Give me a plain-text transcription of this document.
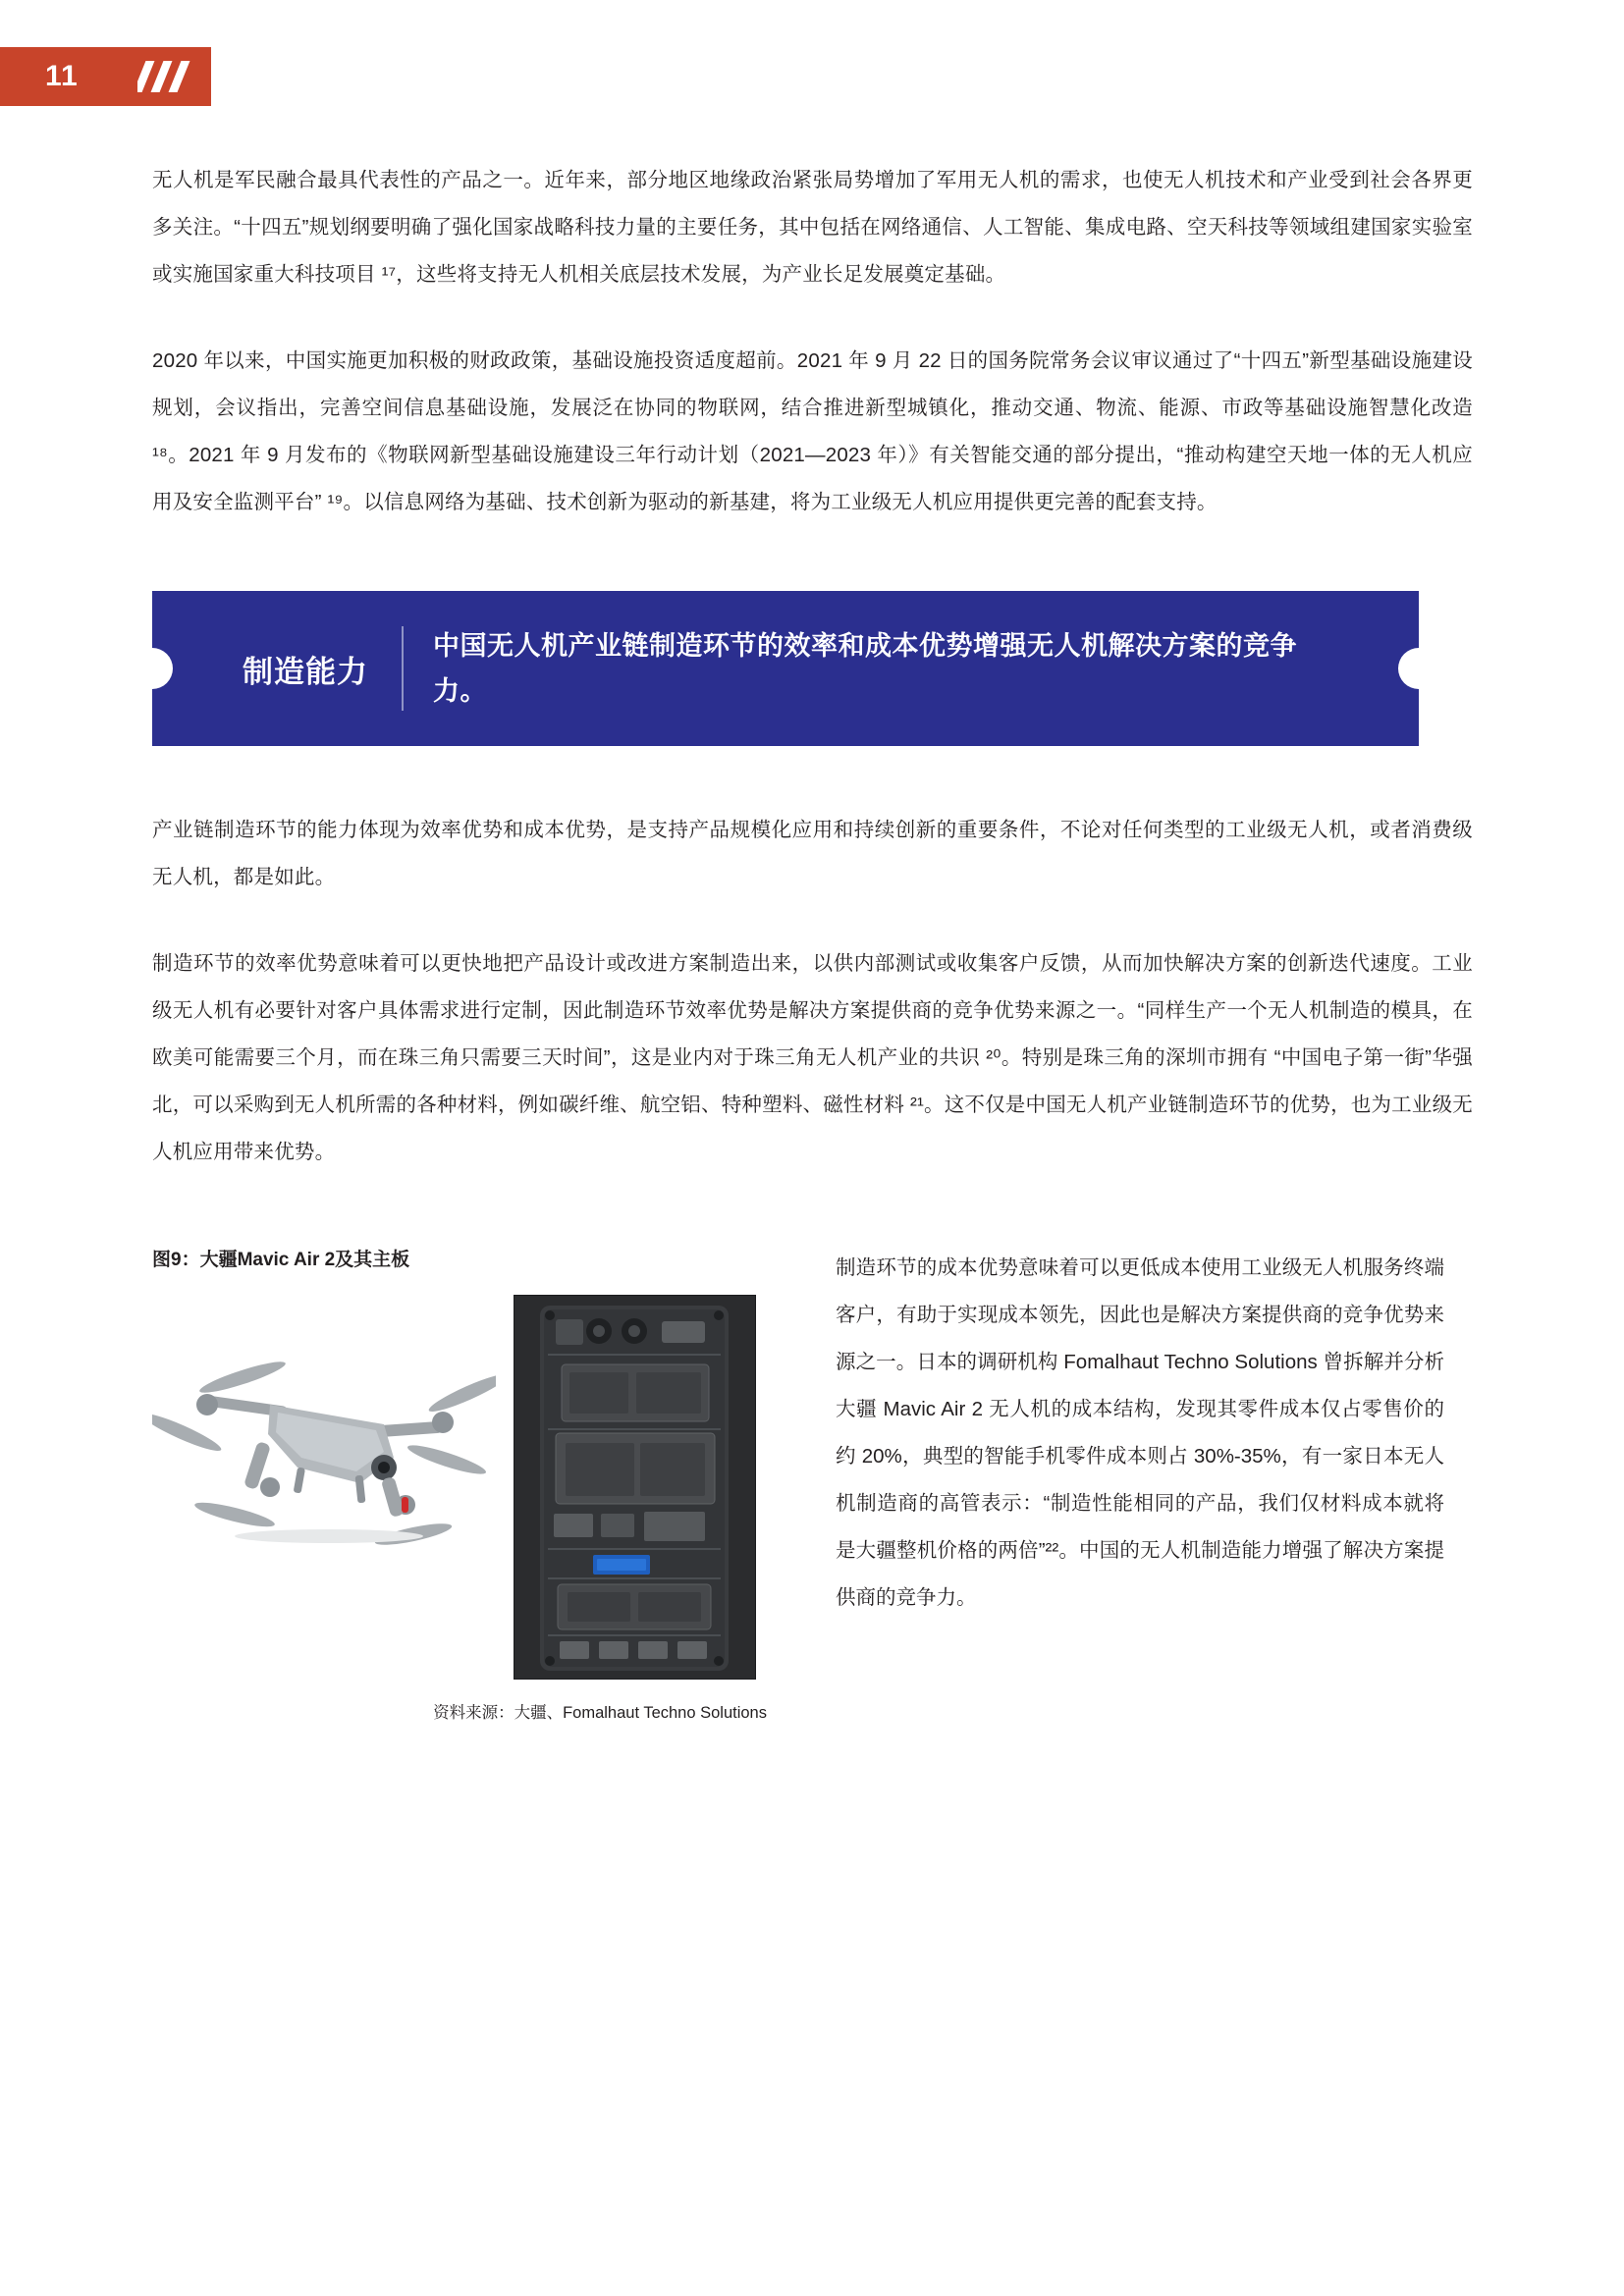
11

无人机是军民融合最具代表性的产品之一。近年来，部分地区地缘政治紧张局势增加了军用无人机的需求，也使无人机技术和产业受到社会各界更多关注。“十四五”规划纲要明确了强化国家战略科技力量的主要任务，其中包括在网络通信、人工智能、集成电路、空天科技等领域组建国家实验室或实施国家重大科技项目 ¹⁷，这些将支持无人机相关底层技术发展，为产业长足发展奠定基础。

2020 年以来，中国实施更加积极的财政政策，基础设施投资适度超前。2021 年 9 月 22 日的国务院常务会议审议通过了“十四五”新型基础设施建设规划，会议指出，完善空间信息基础设施，发展泛在协同的物联网，结合推进新型城镇化，推动交通、物流、能源、市政等基础设施智慧化改造 ¹⁸。2021 年 9 月发布的《物联网新型基础设施建设三年行动计划（2021—2023 年）》有关智能交通的部分提出，“推动构建空天地一体的无人机应用及安全监测平台” ¹⁹。以信息网络为基础、技术创新为驱动的新基建，将为工业级无人机应用提供更完善的配套支持。

制造能力
中国无人机产业链制造环节的效率和成本优势增强无人机解决方案的竞争力。

产业链制造环节的能力体现为效率优势和成本优势，是支持产品规模化应用和持续创新的重要条件，不论对任何类型的工业级无人机，或者消费级无人机，都是如此。

制造环节的效率优势意味着可以更快地把产品设计或改进方案制造出来，以供内部测试或收集客户反馈，从而加快解决方案的创新迭代速度。工业级无人机有必要针对客户具体需求进行定制，因此制造环节效率优势是解决方案提供商的竞争优势来源之一。“同样生产一个无人机制造的模具，在欧美可能需要三个月，而在珠三角只需要三天时间”，这是业内对于珠三角无人机产业的共识 ²⁰。特别是珠三角的深圳市拥有 “中国电子第一街”华强北，可以采购到无人机所需的各种材料，例如碳纤维、航空铝、特种塑料、磁性材料 ²¹。这不仅是中国无人机产业链制造环节的优势，也为工业级无人机应用带来优势。

图9：大疆Mavic Air 2及其主板
资料来源：大疆、Fomalhaut Techno Solutions

制造环节的成本优势意味着可以更低成本使用工业级无人机服务终端客户，有助于实现成本领先，因此也是解决方案提供商的竞争优势来源之一。日本的调研机构 Fomalhaut Techno Solutions 曾拆解并分析大疆 Mavic Air 2 无人机的成本结构，发现其零件成本仅占零售价的约 20%，典型的智能手机零件成本则占 30%-35%，有一家日本无人机制造商的高管表示：“制造性能相同的产品，我们仅材料成本就将是大疆整机价格的两倍”²²。中国的无人机制造能力增强了解决方案提供商的竞争力。
